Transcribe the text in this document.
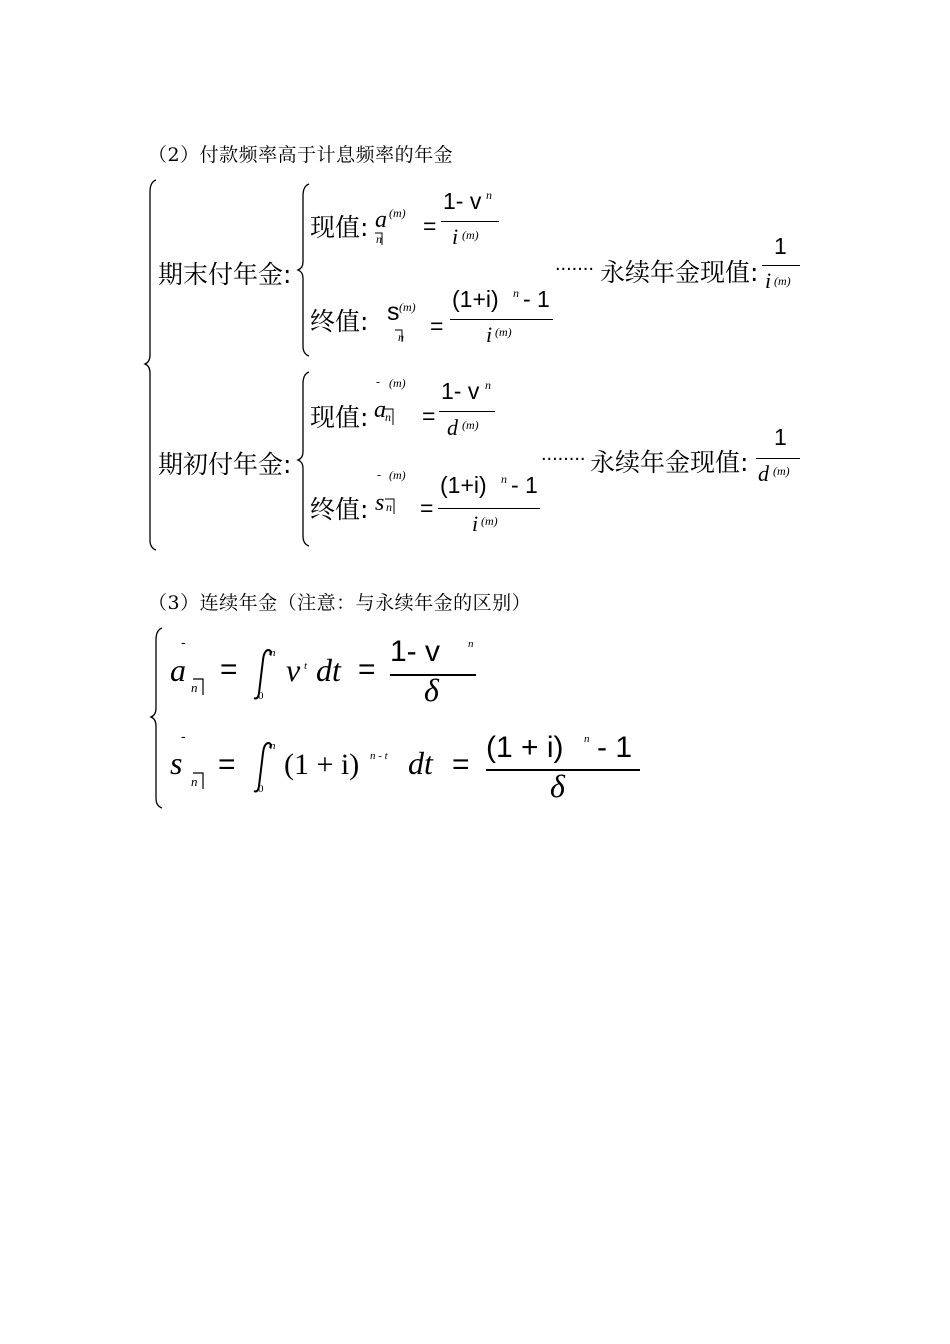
（2）付款频率高于计息频率的年金
期末付年金:
现值: a (m)
n =
1- v n
i (m)
终值: s (m)
n =
(1+i) n - 1
i (m)
....... 永续年金现值:
1
i (m)
期初付年金:
现值:
-
a
(m)
n =
1- v n
d (m)
终值:
-
s
(m)
n =
(1+i) n - 1
i (m)
........ 永续年金现值:
1
d (m)
（3）连续年金（注意：与永续年金的区别）
-
a n
=	n
0
v t dt =
1- v	n
δ
-
s
n
=
n
0
(1 + i) n - t dt =
(1 + i) n - 1
δ
